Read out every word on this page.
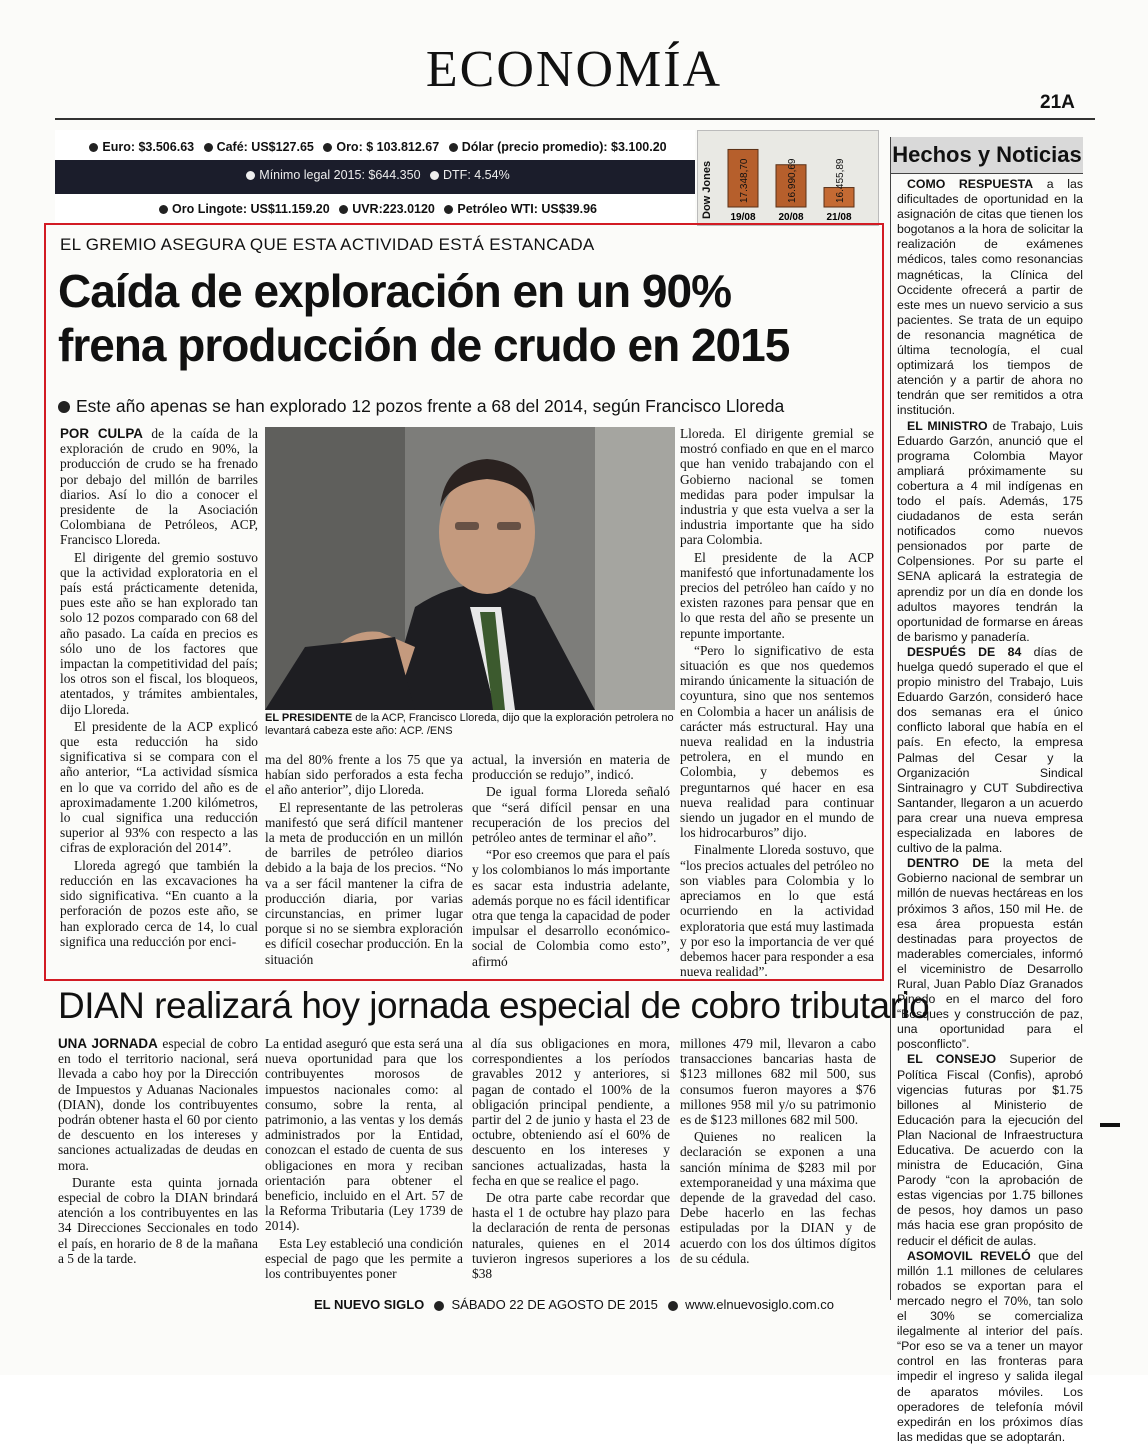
ECONOMÍA
21A
Euro: $3.506.63 Café: US$127.65 Oro: $ 103.812.67 Dólar (precio promedio): $3.100.20
Mínimo legal 2015: $644.350 DTF: 4.54%
Oro Lingote: US$11.159.20 UVR:223.0120 Petróleo WTI: US$39.96	Dow Jones	17.348,70
19/08
16.990,69
20/08
16.455,89
21/08
EL GREMIO ASEGURA QUE ESTA ACTIVIDAD ESTÁ ESTANCADA
Caída de exploración en un 90%
frena producción de crudo en 2015
Este año apenas se han explorado 12 pozos frente a 68 del 2014, según Francisco Lloreda

POR CULPA de la caída de la exploración de crudo en 90%, la producción de crudo se ha frenado por debajo del millón de barriles diarios. Así lo dio a conocer el presidente de la Asociación Colombiana de Petróleos, ACP, Francisco Lloreda.

El dirigente del gremio sostuvo que la actividad exploratoria en el país está prácticamente detenida, pues este año se han explorado tan solo 12 pozos comparado con 68 del año pasado. La caída en precios es sólo uno de los factores que impactan la competitividad del país; los otros son el fiscal, los bloqueos, atentados, y trámites ambientales, dijo Lloreda.

El presidente de la ACP explicó que esta reducción ha sido significativa si se compara con el año anterior, “La actividad sísmica en lo que va corrido del año es de aproximadamente 1.200 kilómetros, lo cual significa una reducción superior al 93% con respecto a las cifras de exploración del 2014”.

Lloreda agregó que también la reducción en las excavaciones ha sido significativa. “En cuanto a la perforación de pozos este año, se han explorado cerca de 14, lo cual significa una reducción por enci-

EL PRESIDENTE de la ACP, Francisco Lloreda, dijo que la exploración petrolera no levantará cabeza este año: ACP. /ENS

ma del 80% frente a los 75 que ya habían sido perforados a esta fecha el año anterior”, dijo Lloreda.

El representante de las petroleras manifestó que será difícil mantener la meta de producción en un millón de barriles de petróleo diarios debido a la baja de los precios. “No va a ser fácil mantener la cifra de producción diaria, por varias circunstancias, en primer lugar porque si no se siembra exploración es difícil cosechar producción. En la situación

actual, la inversión en materia de producción se redujo”, indicó.

De igual forma Lloreda señaló que “será difícil pensar en una recuperación de los precios del petróleo antes de terminar el año”.

“Por eso creemos que para el país y los colombianos lo más importante es sacar esta industria adelante, además porque no es fácil identificar otra que tenga la capacidad de poder impulsar el desarrollo económico-social de Colombia como esto”, afirmó

Lloreda. El dirigente gremial se mostró confiado en que en el marco que han venido trabajando con el Gobierno nacional se tomen medidas para poder impulsar la industria y que esta vuelva a ser la industria importante que ha sido para Colombia.

El presidente de la ACP manifestó que infortunadamente los precios del petróleo han caído y no existen razones para pensar que en lo que resta del año se presente un repunte importante.

“Pero lo significativo de esta situación es que nos quedemos mirando únicamente la situación de coyuntura, sino que nos sentemos en Colombia a hacer un análisis de carácter más estructural. Hay una nueva realidad en la industria petrolera, en el mundo en Colombia, y debemos es preguntarnos qué hacer en esa nueva realidad para continuar siendo un jugador en el mundo de los hidrocarburos” dijo.

Finalmente Lloreda sostuvo, que “los precios actuales del petróleo no son viables para Colombia y lo apreciamos en lo que está ocurriendo en la actividad exploratoria que está muy lastimada y por eso la importancia de ver qué debemos hacer para responder a esa nueva realidad”.

DIAN realizará hoy jornada especial de cobro tributario

UNA JORNADA especial de cobro en todo el territorio nacional, será llevada a cabo hoy por la Dirección de Impuestos y Aduanas Nacionales (DIAN), donde los contribuyentes podrán obtener hasta el 60 por ciento de descuento en los intereses y sanciones actualizadas de deudas en mora.

Durante esta quinta jornada especial de cobro la DIAN brindará atención a los contribuyentes en las 34 Direcciones Seccionales en todo el país, en horario de 8 de la mañana a 5 de la tarde.

La entidad aseguró que esta será una nueva oportunidad para que los contribuyentes morosos de impuestos nacionales como: al consumo, sobre la renta, al patrimonio, a las ventas y los demás administrados por la Entidad, conozcan el estado de cuenta de sus obligaciones en mora y reciban orientación para obtener el beneficio, incluido en el Art. 57 de la Reforma Tributaria (Ley 1739 de 2014).

Esta Ley estableció una condición especial de pago que les permite a los contribuyentes poner

al día sus obligaciones en mora, correspondientes a los períodos gravables 2012 y anteriores, si pagan de contado el 100% de la obligación principal pendiente, a partir del 2 de junio y hasta el 23 de octubre, obteniendo así el 60% de descuento en los intereses y sanciones actualizadas, hasta la fecha en que se realice el pago.

De otra parte cabe recordar que hasta el 1 de octubre hay plazo para la declaración de renta de personas naturales, quienes en el 2014 tuvieron ingresos superiores a los $38

millones 479 mil, llevaron a cabo transacciones bancarias hasta de $123 millones 682 mil 500, sus consumos fueron mayores a $76 millones 958 mil y/o su patrimonio es de $123 millones 682 mil 500.

Quienes no realicen la declaración se exponen a una sanción mínima de $283 mil por extemporaneidad y una máxima que depende de la gravedad del caso. Debe hacerlo en las fechas estipuladas por la DIAN y de acuerdo con los dos últimos dígitos de su cédula.

Hechos y Noticias

COMO RESPUESTA a las dificultades de oportunidad en la asignación de citas que tienen los bogotanos a la hora de solicitar la realización de exámenes médicos, tales como resonancias magnéticas, la Clínica del Occidente ofrecerá a partir de este mes un nuevo servicio a sus pacientes. Se trata de un equipo de resonancia magnética de última tecnología, el cual optimizará los tiempos de atención y a partir de ahora no tendrán que ser remitidos a otra institución.

EL MINISTRO de Trabajo, Luis Eduardo Garzón, anunció que el programa Colombia Mayor ampliará próximamente su cobertura a 4 mil indígenas en todo el país. Además, 175 ciudadanos de esta serán notificados como nuevos pensionados por parte de Colpensiones. Por su parte el SENA aplicará la estrategia de aprendiz por un día en donde los adultos mayores tendrán la oportunidad de formarse en áreas de barismo y panadería.

DESPUÉS DE 84 días de huelga quedó superado el que el propio ministro del Trabajo, Luis Eduardo Garzón, consideró hace dos semanas era el único conflicto laboral que había en el país. En efecto, la empresa Palmas del Cesar y la Organización Sindical Sintrainagro y CUT Subdirectiva Santander, llegaron a un acuerdo para crear una nueva empresa especializada en labores de cultivo de la palma.

DENTRO DE la meta del Gobierno nacional de sembrar un millón de nuevas hectáreas en los próximos 3 años, 150 mil He. de esa área propuesta están destinadas para proyectos de maderables comerciales, informó el viceministro de Desarrollo Rural, Juan Pablo Díaz Granados Pinedo en el marco del foro “Bosques y construcción de paz, una oportunidad para el posconflicto”.

EL CONSEJO Superior de Política Fiscal (Confis), aprobó vigencias futuras por $1.75 billones al Ministerio de Educación para la ejecución del Plan Nacional de Infraestructura Educativa. De acuerdo con la ministra de Educación, Gina Parody “con la aprobación de estas vigencias por 1.75 billones de pesos, hoy damos un paso más hacia ese gran propósito de reducir el déficit de aulas.

ASOMOVIL REVELÓ que del millón 1.1 millones de celulares robados se exportan para el mercado negro el 70%, tan solo el 30% se comercializa ilegalmente al interior del país. “Por eso se va a tener un mayor control en las fronteras para impedir el ingreso y salida ilegal de aparatos móviles. Los operadores de telefonía móvil expedirán en los próximos días las medidas que se adoptarán.

EL NUEVO SIGLO SÁBADO 22 DE AGOSTO DE 2015 www.elnuevosiglo.com.co
